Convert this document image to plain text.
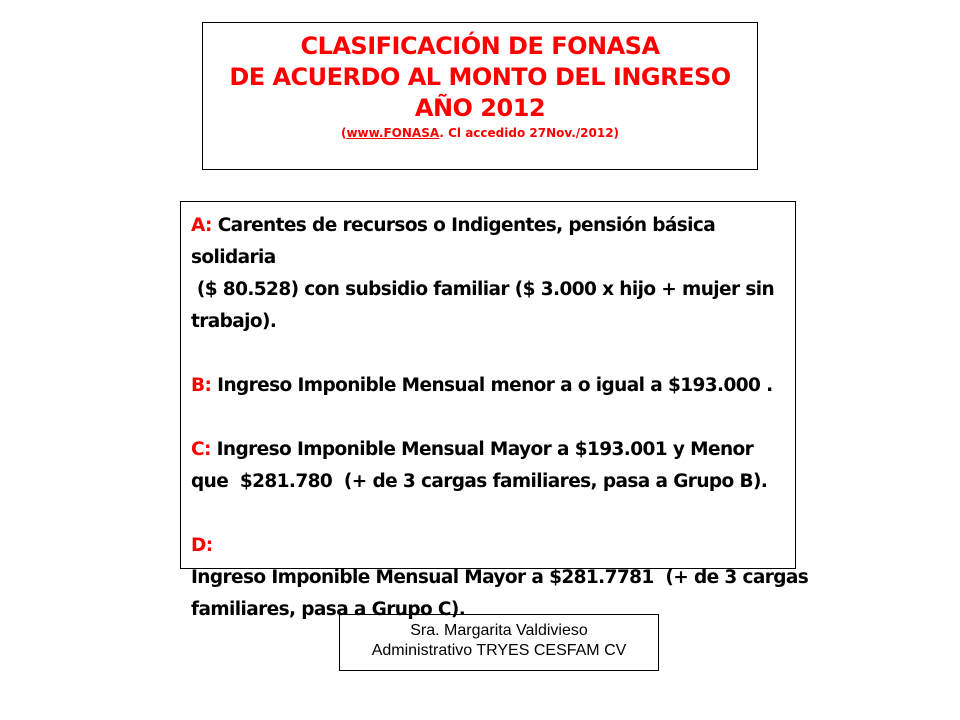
CLASIFICACIÓN DE FONASA
DE ACUERDO AL MONTO DEL INGRESO
AÑO 2012
(www.FONASA. Cl accedido 27Nov./2012)

A: Carentes de recursos o Indigentes, pensión básica solidaria
($ 80.528) con subsidio familiar ($ 3.000 x hijo + mujer sin
trabajo).

B: Ingreso Imponible Mensual menor a o igual a $193.000 .

C: Ingreso Imponible Mensual Mayor a $193.001 y Menor
que  $281.780  (+ de 3 cargas familiares, pasa a Grupo B).

D: Ingreso Imponible Mensual Mayor a $281.7781  (+ de 3 cargas
familiares, pasa a Grupo C).

Sra. Margarita Valdivieso
Administrativo TRYES CESFAM CV
